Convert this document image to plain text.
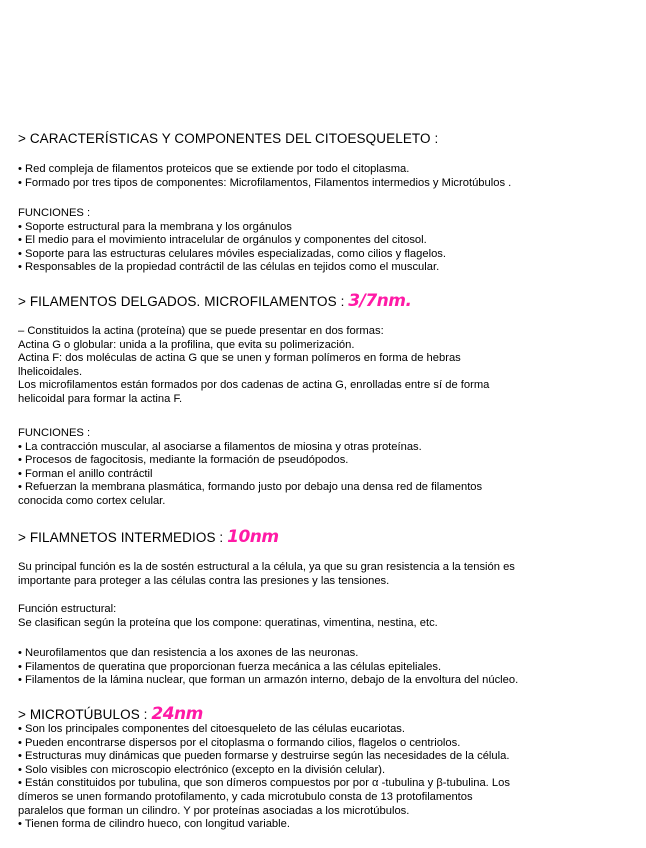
> CARACTERÍSTICAS Y COMPONENTES DEL CITOESQUELETO :
• Red compleja de filamentos proteicos que se extiende por todo el citoplasma.
• Formado por tres tipos de componentes: Microfilamentos, Filamentos intermedios y Microtúbulos .
FUNCIONES :
• Soporte estructural para la membrana y los orgánulos
• El medio para el movimiento intracelular de orgánulos y componentes del citosol.
• Soporte para las estructuras celulares móviles especializadas, como cilios y flagelos.
• Responsables de la propiedad contráctil de las células en tejidos como el muscular.
> FILAMENTOS DELGADOS. MICROFILAMENTOS : 3/7nm.
– Constituidos la actina (proteína) que se puede presentar en dos formas:
Actina G o globular: unida a la profilina, que evita su polimerización.
Actina F: dos moléculas de actina G que se unen y forman polímeros en forma de hebras
lhelicoidales.
Los microfilamentos están formados por dos cadenas de actina G, enrolladas entre sí de forma
helicoidal para formar la actina F.
FUNCIONES :
• La contracción muscular, al asociarse a filamentos de miosina y otras proteínas.
• Procesos de fagocitosis, mediante la formación de pseudópodos.
• Forman el anillo contráctil
• Refuerzan la membrana plasmática, formando justo por debajo una densa red de filamentos
conocida como cortex celular.
> FILAMNETOS INTERMEDIOS : 10nm
Su principal función es la de sostén estructural a la célula, ya que su gran resistencia a la tensión es
importante para proteger a las células contra las presiones y las tensiones.
Función estructural:
Se clasifican según la proteína que los compone: queratinas, vimentina, nestina, etc.
• Neurofilamentos que dan resistencia a los axones de las neuronas.
• Filamentos de queratina que proporcionan fuerza mecánica a las células epiteliales.
• Filamentos de la lámina nuclear, que forman un armazón interno, debajo de la envoltura del núcleo.
> MICROTÚBULOS : 24nm
• Son los principales componentes del citoesqueleto de las células eucariotas.
• Pueden encontrarse dispersos por el citoplasma o formando cilios, flagelos o centriolos.
• Estructuras muy dinámicas que pueden formarse y destruirse según las necesidades de la célula.
• Solo visibles con microscopio electrónico (excepto en la división celular).
• Están constituidos por tubulina, que son dímeros compuestos por por α -tubulina y β-tubulina. Los
dímeros se unen formando protofilamento, y cada microtubulo consta de 13 protofilamentos
paralelos que forman un cilindro. Y por proteínas asociadas a los microtúbulos.
• Tienen forma de cilindro hueco, con longitud variable.
